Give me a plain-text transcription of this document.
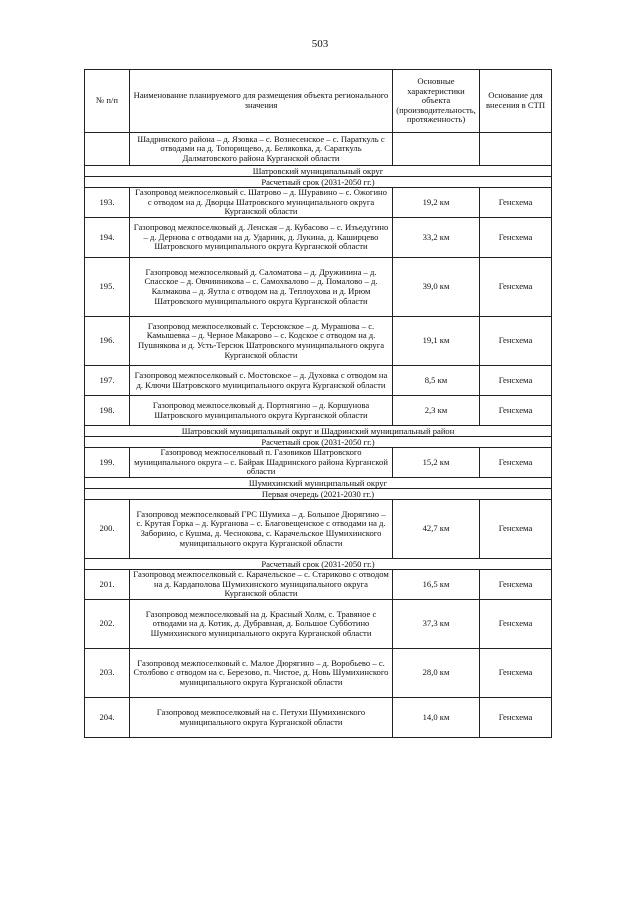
503
№ п/п	Наименование планируемого для размещения объекта регионального значения	Основные характеристики объекта (производительность, протяженность)	Основание для внесения в СТП
	Шадринского района – д. Язовка – с. Вознесенское – с. Параткуль с отводами на д. Топорищево, д. Беляковка, д. Сараткуль Далматовского района Курганской области		
Шатровский муниципальный округ			
Расчетный срок (2031-2050 гг.)			
193.	Газопровод межпоселковый с. Шатрово – д. Шуравино – с. Ожогино с отводом на д. Дворцы Шатровского муниципального округа Курганской области	19,2 км	Генсхема
194.	Газопровод межпоселковый д. Ленская – д. Кубасово – с. Изъедугино – д. Дернова с отводами на д. Ударник, д. Лукина, д. Каширцево Шатровского муниципального округа Курганской области	33,2 км	Генсхема
195.	Газопровод межпоселковый д. Саломатова – д. Дружинина – д. Спасское – д. Овчинникова – с. Самохвалово – д. Помалово – д. Калмакова – д. Яутла с отводом на д. Теплоухова и д. Ирюм Шатровского муниципального округа Курганской области	39,0 км	Генсхема
196.	Газопровод межпоселковый с. Терсюкское – д. Мурашова – с. Камышевка – д. Черное Макарово – с. Кодское с отводом на д. Пушнякова и д. Усть-Терсюк Шатровского муниципального округа Курганской области	19,1 км	Генсхема
197.	Газопровод межпоселковый с. Мостовское – д. Духовка с отводом на д. Ключи Шатровского муниципального округа Курганской области	8,5 км	Генсхема
198.	Газопровод межпоселковый д. Портнягино – д. Коршунова Шатровского муниципального округа Курганской области	2,3 км	Генсхема
Шатровский муниципальный округ и Шадринский муниципальный район			
Расчетный срок (2031-2050 гг.)			
199.	Газопровод межпоселковый п. Газовиков Шатровского муниципального округа – с. Байрак Шадринского района Курганской области	15,2 км	Генсхема
Шумихинский муниципальный округ			
Первая очередь (2021-2030 гг.)			
200.	Газопровод межпоселковый ГРС Шумиха – д. Большое Дюрягино – с. Крутая Горка – д. Курганова – с. Благовещенское с отводами на д. Заборино, с Кушма, д. Чеснокова, с. Карачельское Шумихинского муниципального округа Курганской области	42,7 км	Генсхема
Расчетный срок (2031-2050 гг.)			
201.	Газопровод межпоселковый с. Карачельское – с. Стариково с отводом на д. Кардаполова Шумихинского муниципального округа Курганской области	16,5 км	Генсхема
202.	Газопровод межпоселковый на д. Красный Холм, с. Травяное с отводами на д. Котик, д. Дубравная, д. Большое Субботино Шумихинского муниципального округа Курганской области	37,3 км	Генсхема
203.	Газопровод межпоселковый с. Малое Дюрягино – д. Воробьево – с. Столбово с отводом на с. Березово, п. Чистое, д. Новь Шумихинского муниципального округа Курганской области	28,0 км	Генсхема
204.	Газопровод межпоселковый на с. Петухи Шумихинского муниципального округа Курганской области	14,0 км	Генсхема
